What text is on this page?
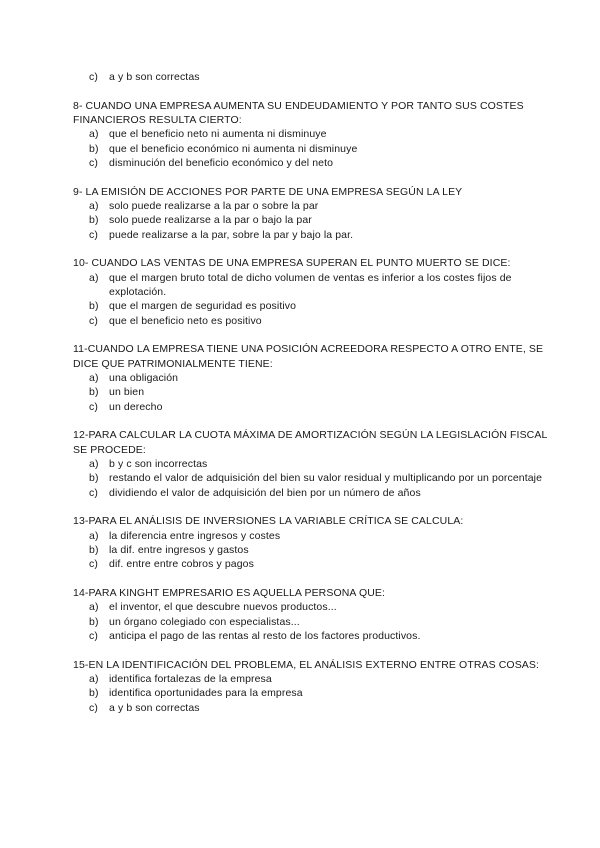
c) a y b son correctas

8- CUANDO UNA EMPRESA AUMENTA SU ENDEUDAMIENTO Y POR TANTO SUS COSTES FINANCIEROS RESULTA CIERTO:

a) que el beneficio neto ni aumenta ni disminuye
b) que el beneficio económico ni aumenta ni disminuye
c) disminución del beneficio económico y del neto

9- LA EMISIÓN DE ACCIONES POR PARTE DE UNA EMPRESA SEGÚN LA LEY

a) solo puede realizarse a la par o sobre la par
b) solo puede realizarse a la par o bajo la par
c) puede realizarse a la par, sobre la par y bajo la par.

10- CUANDO LAS VENTAS DE UNA EMPRESA SUPERAN EL PUNTO MUERTO SE DICE:

a) que el margen bruto total de dicho volumen de ventas es inferior a los costes fijos de explotación.
b) que el margen de seguridad es positivo
c) que el beneficio neto es positivo

11-CUANDO LA EMPRESA TIENE UNA POSICIÓN ACREEDORA RESPECTO A OTRO ENTE, SE DICE QUE PATRIMONIALMENTE TIENE:

a) una obligación
b) un bien
c) un derecho

12-PARA CALCULAR LA CUOTA MÁXIMA DE AMORTIZACIÓN SEGÚN LA LEGISLACIÓN FISCAL SE PROCEDE:

a) b y c son incorrectas
b) restando el valor de adquisición del bien su valor residual y multiplicando por un porcentaje
c) dividiendo el valor de adquisición del bien por un número de años

13-PARA EL ANÁLISIS DE INVERSIONES LA VARIABLE CRÍTICA SE CALCULA:

a) la diferencia entre ingresos y costes
b) la dif. entre ingresos y gastos
c) dif. entre entre cobros y pagos

14-PARA KINGHT EMPRESARIO ES AQUELLA PERSONA QUE:

a) el inventor, el que descubre nuevos productos...
b) un órgano colegiado con especialistas...
c) anticipa el pago de las rentas al resto de los factores productivos.

15-EN LA IDENTIFICACIÓN DEL PROBLEMA, EL ANÁLISIS EXTERNO ENTRE OTRAS COSAS:

a) identifica fortalezas de la empresa
b) identifica oportunidades para la empresa
c) a y b son correctas
